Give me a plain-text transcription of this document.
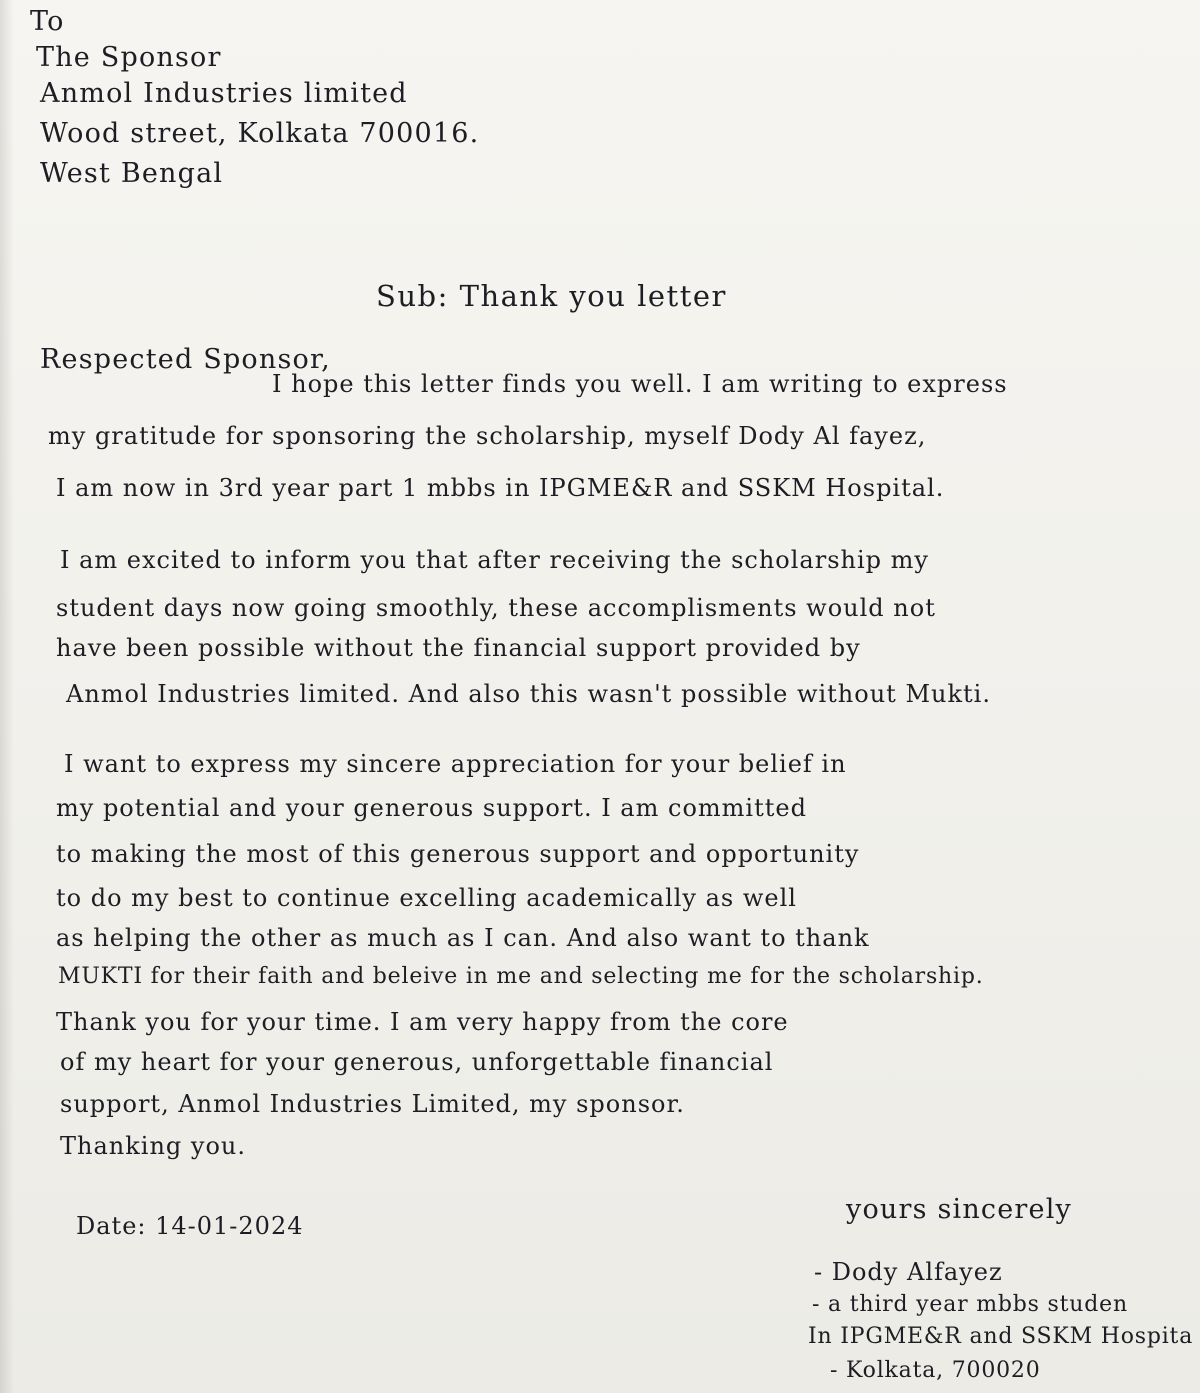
To
The Sponsor
Anmol Industries limited
Wood street, Kolkata 700016.
West Bengal
Sub: Thank you letter
Respected Sponsor,
I hope this letter finds you well. I am writing to express
my gratitude for sponsoring the scholarship, myself Dody Al fayez,
I am now in 3rd year part 1 mbbs in IPGME&R and SSKM Hospital.
I am excited to inform you that after receiving the scholarship my
student days now going smoothly, these accomplisments would not
have been possible without the financial support provided by
Anmol Industries limited. And also this wasn't possible without Mukti.
I want to express my sincere appreciation for your belief in
my potential and your generous support. I am committed
to making the most of this generous support and opportunity
to do my best to continue excelling academically as well
as helping the other as much as I can. And also want to thank
MUKTI for their faith and beleive in me and selecting me for the scholarship.
Thank you for your time. I am very happy from the core
of my heart for your generous, unforgettable financial
support, Anmol Industries Limited, my sponsor.
Thanking you.
Date: 14-01-2024
yours sincerely
- Dody Alfayez
- a third year mbbs studen
In IPGME&R and SSKM Hospita
- Kolkata, 700020
